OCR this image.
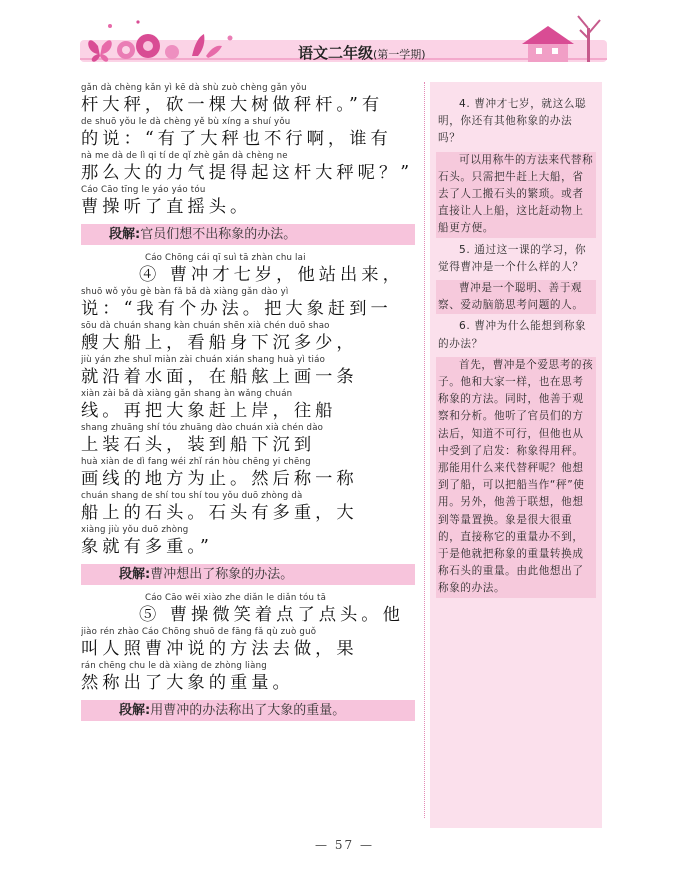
语文二年级(第一学期)
gǎn dà chèng kǎn yì kē dà shù zuò chèng gǎn yǒu
杆大秤，砍一棵大树做秤杆。”有
de shuō yǒu le dà chèng yě bù xíng a shuí yǒu
的说：“有了大秤也不行啊，谁有
nà me dà de lì qi tí de qǐ zhè gǎn dà chèng ne
那么大的力气提得起这杆大秤呢？”
Cáo Cāo tīng le yáo yáo tóu
曹操听了直摇头。
段解:官员们想不出称象的办法。
Cáo Chōng cái qī suì tā zhàn chu lai
④ 曹冲才七岁，他站出来，
shuō wǒ yǒu gè bàn fǎ bǎ dà xiàng gǎn dào yì
说：“我有个办法。把大象赶到一
sōu dà chuán shang kàn chuán shēn xià chén duō shao
艘大船上，看船身下沉多少，
jiù yán zhe shuǐ miàn zài chuán xián shang huà yì tiáo
就沿着水面，在船舷上画一条
xiàn zài bǎ dà xiàng gǎn shang àn wǎng chuán
线。再把大象赶上岸，往船
shang zhuāng shí tóu zhuāng dào chuán xià chén dào
上装石头，装到船下沉到
huà xiàn de dì fang wéi zhǐ rán hòu chēng yi chēng
画线的地方为止。然后称一称
chuán shang de shí tou shí tou yǒu duō zhòng dà
船上的石头。石头有多重，大
xiàng jiù yǒu duō zhòng
象就有多重。”
段解:曹冲想出了称象的办法。
Cáo Cāo wēi xiào zhe diǎn le diǎn tóu tā
⑤ 曹操微笑着点了点头。他
jiào rén zhào Cáo Chōng shuō de fāng fǎ qù zuò guǒ
叫人照曹冲说的方法去做，果
rán chēng chu le dà xiàng de zhòng liàng
然称出了大象的重量。
段解:用曹冲的办法称出了大象的重量。

4. 曹冲才七岁，就这么聪明，你还有其他称象的办法吗？

可以用称牛的方法来代替称石头。只需把牛赶上大船，省去了人工搬石头的繁琐。或者直接让人上船，这比赶动物上船更方便。

5. 通过这一课的学习，你觉得曹冲是一个什么样的人？

曹冲是一个聪明、善于观察、爱动脑筋思考问题的人。

6. 曹冲为什么能想到称象的办法？

首先，曹冲是个爱思考的孩子。他和大家一样，也在思考称象的方法。同时，他善于观察和分析。他听了官员们的方法后，知道不可行，但他也从中受到了启发：称象得用秤。那能用什么来代替秤呢？他想到了船，可以把船当作“秤”使用。另外，他善于联想，他想到等量置换。象是很大很重的，直接称它的重量办不到，于是他就把称象的重量转换成称石头的重量。由此他想出了称象的办法。

— 57 —
